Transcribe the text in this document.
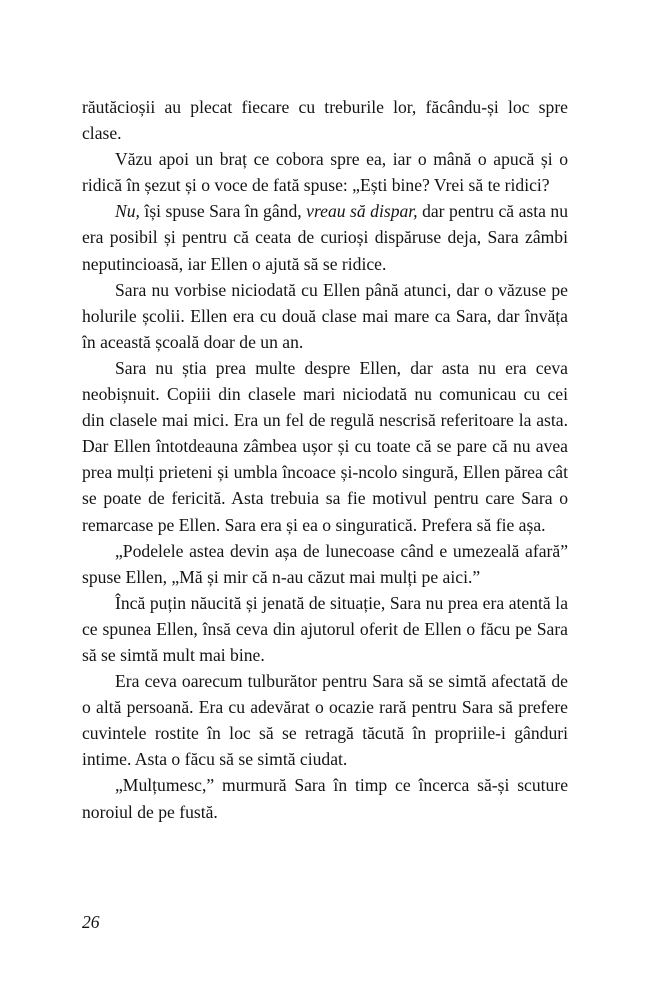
răutăcioșii au plecat fiecare cu treburile lor, făcându-și loc spre clase.

Văzu apoi un braț ce cobora spre ea, iar o mână o apucă și o ridică în șezut și o voce de fată spuse: „Ești bine? Vrei să te ridici?

Nu, își spuse Sara în gând, vreau să dispar, dar pentru că asta nu era posibil și pentru că ceata de curioși dispăruse deja, Sara zâmbi neputincioasă, iar Ellen o ajută să se ridice.

Sara nu vorbise niciodată cu Ellen până atunci, dar o văzuse pe holurile școlii. Ellen era cu două clase mai mare ca Sara, dar învăța în această școală doar de un an.

Sara nu știa prea multe despre Ellen, dar asta nu era ceva neobișnuit. Copiii din clasele mari niciodată nu comunicau cu cei din clasele mai mici. Era un fel de regulă nescrisă referitoare la asta. Dar Ellen întotdeauna zâmbea ușor și cu toate că se pare că nu avea prea mulți prieteni și umbla încoace și-ncolo singură, Ellen părea cât se poate de fericită. Asta trebuia sa fie motivul pentru care Sara o remarcase pe Ellen. Sara era și ea o singuratică. Prefera să fie așa.

„Podelele astea devin așa de lunecoase când e umezeală afară” spuse Ellen, „Mă și mir că n-au căzut mai mulți pe aici.”

Încă puțin năucită și jenată de situație, Sara nu prea era atentă la ce spunea Ellen, însă ceva din ajutorul oferit de Ellen o făcu pe Sara să se simtă mult mai bine.

Era ceva oarecum tulburător pentru Sara să se simtă afectată de o altă persoană. Era cu adevărat o ocazie rară pentru Sara să prefere cuvintele rostite în loc să se retragă tăcută în propriile-i gânduri intime. Asta o făcu să se simtă ciudat.

„Mulțumesc,” murmură Sara în timp ce încerca să-și scuture noroiul de pe fustă.

26
